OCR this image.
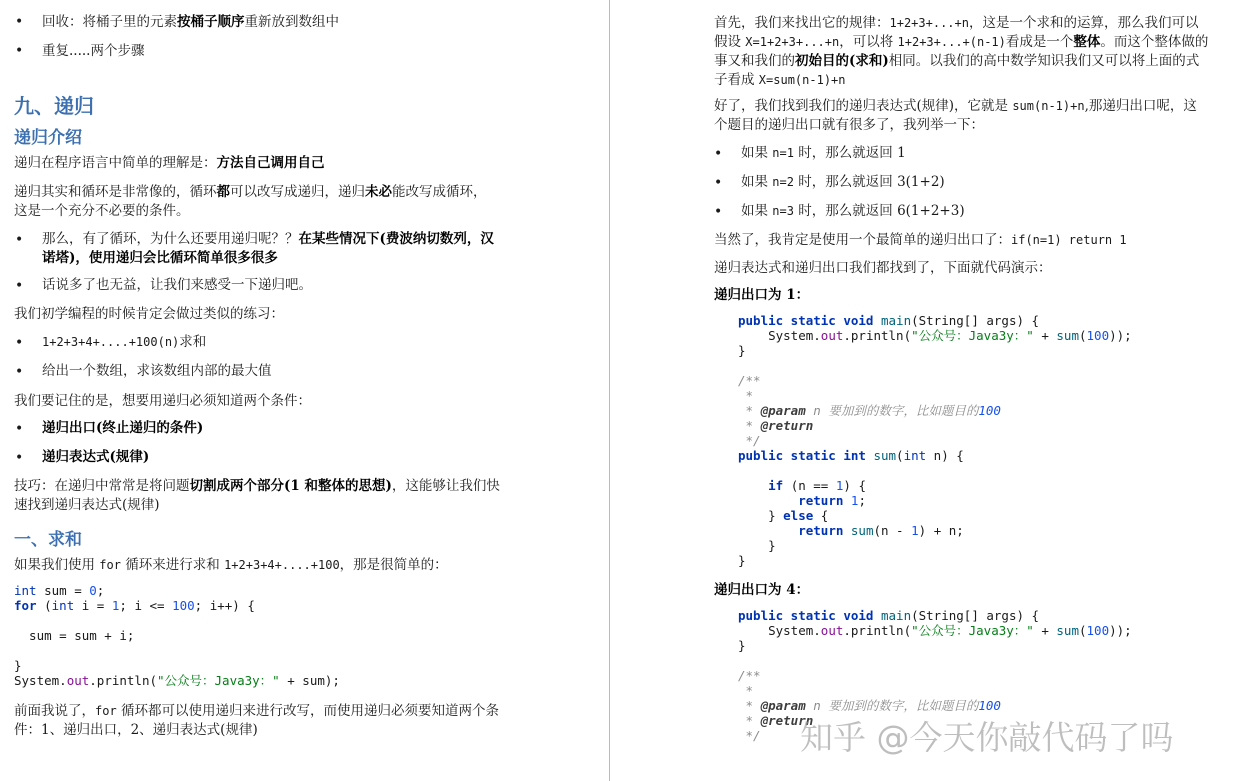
• 回收：将桶子里的元素按桶子顺序重新放到数组中
• 重复.....两个步骤
九、递归
递归介绍
递归在程序语言中简单的理解是：方法自己调用自己
递归其实和循环是非常像的，循环都可以改写成递归，递归未必能改写成循环，
这是一个充分不必要的条件。
• 那么，有了循环，为什么还要用递归呢？？在某些情况下(费波纳切数列，汉
诺塔)，使用递归会比循环简单很多很多
• 话说多了也无益，让我们来感受一下递归吧。
我们初学编程的时候肯定会做过类似的练习：
• 1+2+3+4+....+100(n)求和
• 给出一个数组，求该数组内部的最大值
我们要记住的是，想要用递归必须知道两个条件：
• 递归出口(终止递归的条件)
• 递归表达式(规律)
技巧：在递归中常常是将问题切割成两个部分(1 和整体的思想)，这能够让我们快
速找到递归表达式(规律)
一、求和
如果我们使用 for 循环来进行求和 1+2+3+4+....+100，那是很简单的：
int sum = 0;
for (int i = 1; i <= 100; i++) {

sum = sum + i;

}
System.out.println("公众号：Java3y：" + sum);
前面我说了，for 循环都可以使用递归来进行改写，而使用递归必须要知道两个条
件：1、递归出口，2、递归表达式(规律)
首先，我们来找出它的规律：1+2+3+...+n，这是一个求和的运算，那么我们可以
假设 X=1+2+3+...+n，可以将 1+2+3+...+(n-1)看成是一个整体。而这个整体做的
事又和我们的初始目的(求和)相同。以我们的高中数学知识我们又可以将上面的式
子看成 X=sum(n-1)+n
好了，我们找到我们的递归表达式(规律)，它就是 sum(n-1)+n,那递归出口呢，这
个题目的递归出口就有很多了，我列举一下：
• 如果 n=1 时，那么就返回 1
• 如果 n=2 时，那么就返回 3(1+2)
• 如果 n=3 时，那么就返回 6(1+2+3)
当然了，我肯定是使用一个最简单的递归出口了：if(n=1) return 1
递归表达式和递归出口我们都找到了，下面就代码演示：
递归出口为 1：
public static void main(String[] args) {
System.out.println("公众号：Java3y：" + sum(100));
}

/**
*
* @param n 要加到的数字，比如题目的100
* @return
*/
public static int sum(int n) {

if (n == 1) {
return 1;
} else {
return sum(n - 1) + n;
}
}
递归出口为 4：
public static void main(String[] args) {
System.out.println("公众号：Java3y：" + sum(100));
}

/**
*
* @param n 要加到的数字，比如题目的100
* @return
*/	知乎 @今天你敲代码了吗
